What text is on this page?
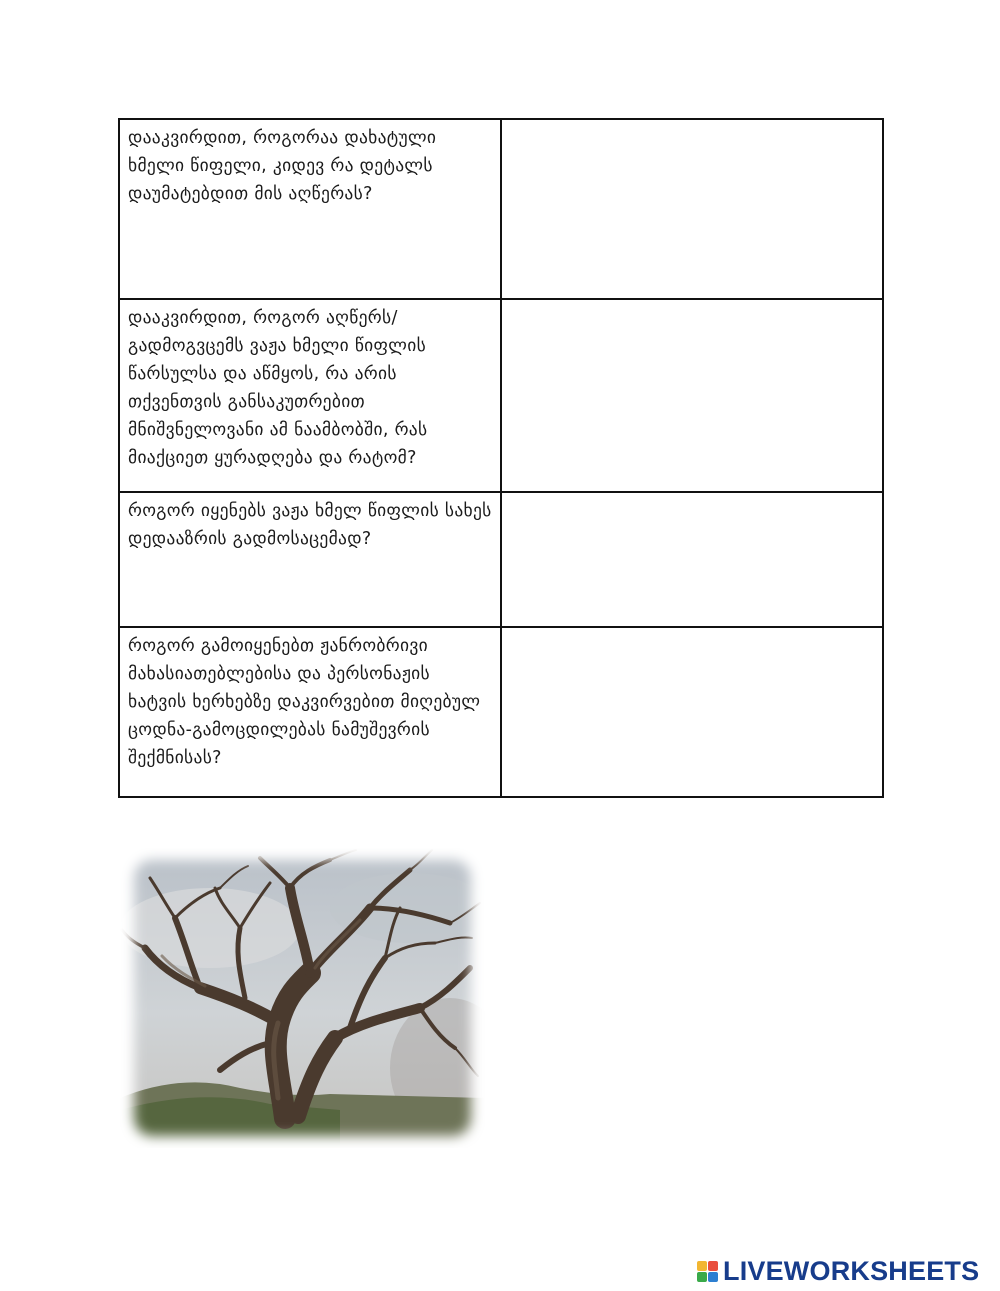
დააკვირდით, როგორაა დახატული ხმელი წიფელი, კიდევ რა დეტალს დაუმატებდით მის აღწერას?	
დააკვირდით, როგორ აღწერს/გადმოგვცემს ვაჟა ხმელი წიფლის წარსულსა და აწმყოს, რა არის თქვენთვის განსაკუთრებით მნიშვნელოვანი ამ ნაამბობში, რას მიაქციეთ ყურადღება და რატომ?	
როგორ იყენებს ვაჟა ხმელ წიფლის სახეს დედააზრის გადმოსაცემად?	
როგორ გამოიყენებთ ჟანრობრივი მახასიათებლებისა და პერსონაჟის ხატვის ხერხებზე დაკვირვებით მიღებულ ცოდნა-გამოცდილებას ნამუშევრის შექმნისას?	
LIVEWORKSHEETS
